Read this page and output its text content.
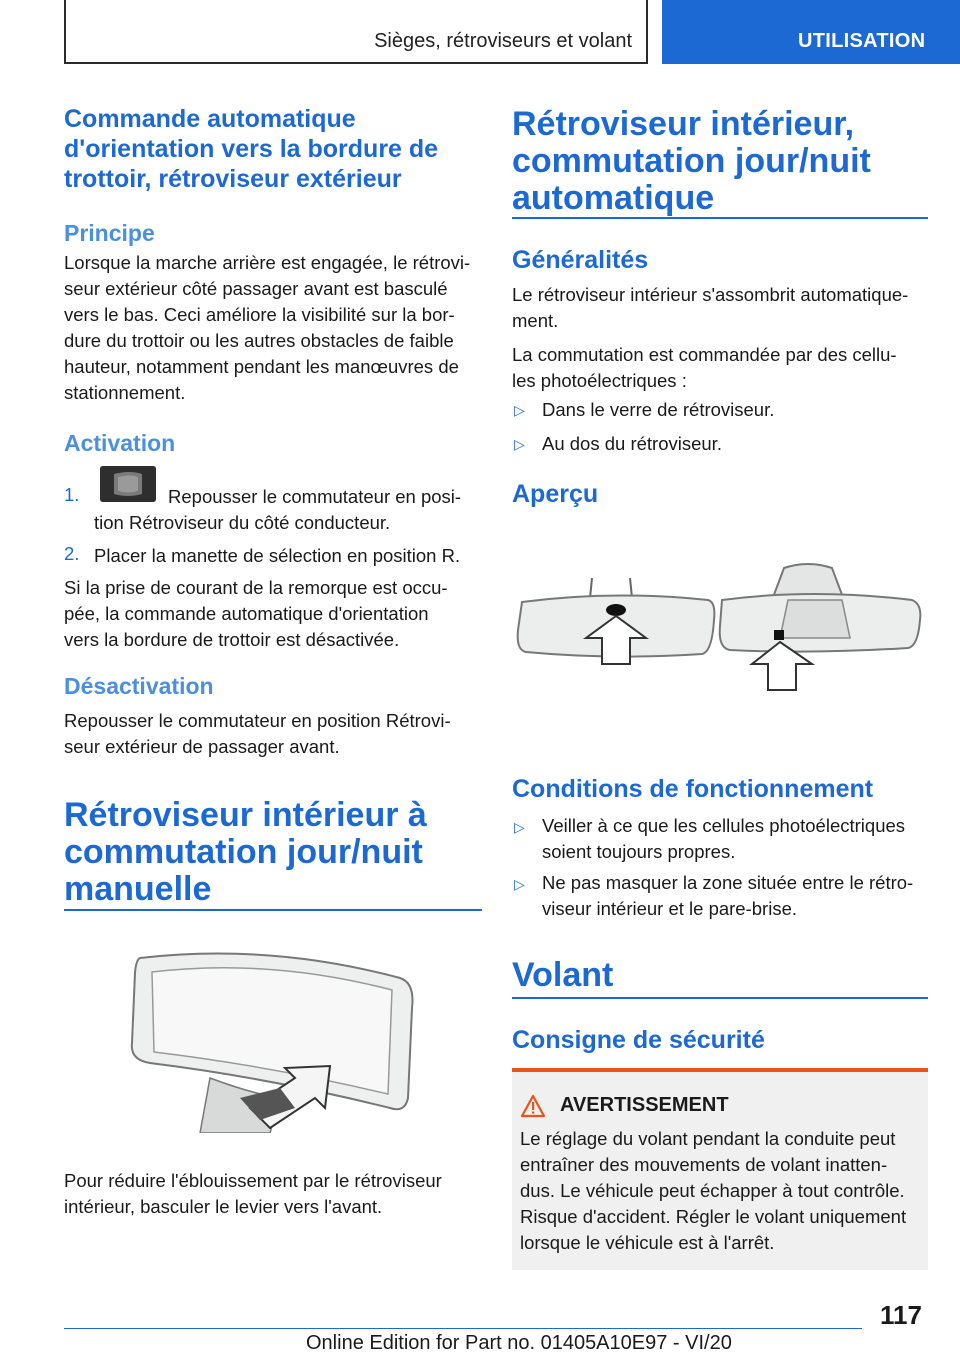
Sièges, rétroviseurs et volant	UTILISATION
Commande automatique
d'orientation vers la bordure de
trottoir, rétroviseur extérieur
Principe
Lorsque la marche arrière est engagée, le rétrovi-
seur extérieur côté passager avant est basculé
vers le bas. Ceci améliore la visibilité sur la bor-
dure du trottoir ou les autres obstacles de faible
hauteur, notamment pendant les manœuvres de
stationnement.
Activation
1.	Repousser le commutateur en posi-
tion Rétroviseur du côté conducteur.
2. Placer la manette de sélection en position R.
Si la prise de courant de la remorque est occu-
pée, la commande automatique d'orientation
vers la bordure de trottoir est désactivée.
Désactivation
Repousser le commutateur en position Rétrovi-
seur extérieur de passager avant.
Rétroviseur intérieur à
commutation jour/nuit
manuelle
Pour réduire l'éblouissement par le rétroviseur
intérieur, basculer le levier vers l'avant.
Rétroviseur intérieur,
commutation jour/nuit
automatique
Généralités
Le rétroviseur intérieur s'assombrit automatique-
ment.
La commutation est commandée par des cellu-
les photoélectriques :
▷ Dans le verre de rétroviseur.
▷ Au dos du rétroviseur.
Aperçu
Conditions de fonctionnement
▷ Veiller à ce que les cellules photoélectriques
soient toujours propres.
▷ Ne pas masquer la zone située entre le rétro-
viseur intérieur et le pare-brise.
Volant
Consigne de sécurité
AVERTISSEMENT
Le réglage du volant pendant la conduite peut
entraîner des mouvements de volant inatten-
dus. Le véhicule peut échapper à tout contrôle.
Risque d'accident. Régler le volant uniquement
lorsque le véhicule est à l'arrêt.
117
Online Edition for Part no. 01405A10E97 - VI/20
